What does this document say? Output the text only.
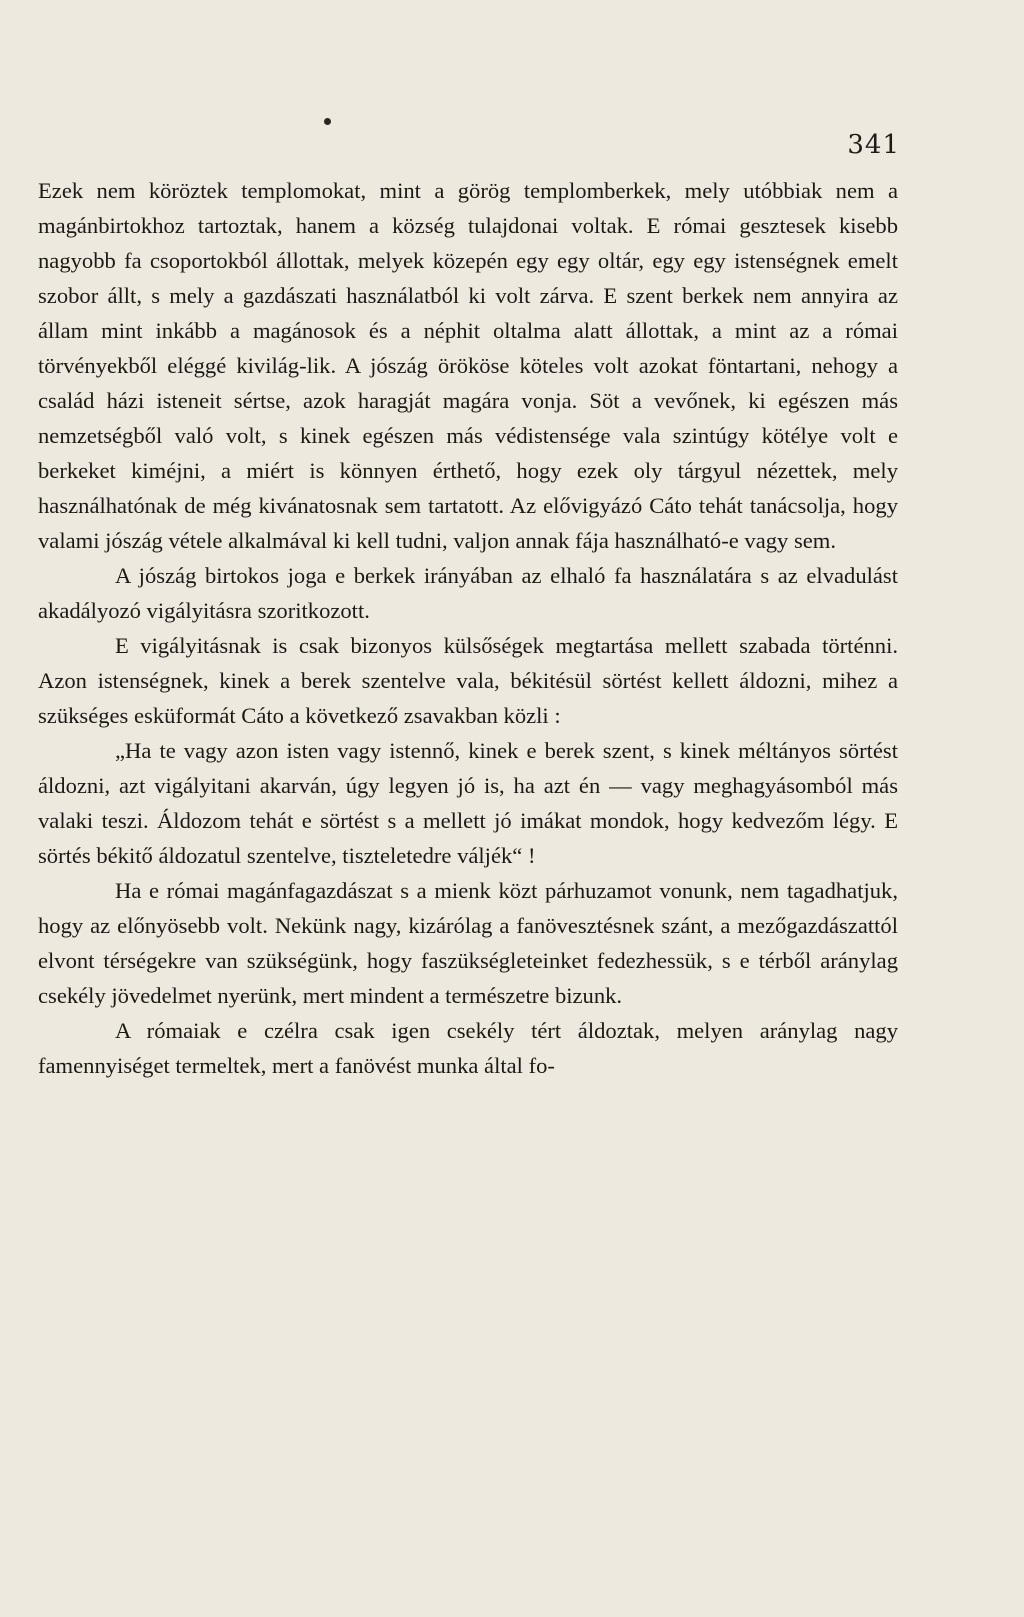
341

Ezek nem köröztek templomokat, mint a görög templomberkek, mely utóbbiak nem a magánbirtokhoz tartoztak, hanem a község tulajdonai voltak. E római gesztesek kisebb nagyobb fa csoportokból állottak, melyek közepén egy egy oltár, egy egy istenségnek emelt szobor állt, s mely a gazdászati használatból ki volt zárva. E szent berkek nem annyira az állam mint inkább a magánosok és a néphit oltalma alatt állottak, a mint az a római törvényekből eléggé kivilág-lik. A jószág örököse köteles volt azokat föntartani, nehogy a család házi isteneit sértse, azok haragját magára vonja. Söt a vevőnek, ki egészen más nemzetségből való volt, s kinek egészen más védistensége vala szintúgy kötélye volt e berkeket kiméjni, a miért is könnyen érthető, hogy ezek oly tárgyul nézettek, mely használhatónak de még kivánatosnak sem tartatott. Az elővigyázó Cáto tehát tanácsolja, hogy valami jószág vétele alkalmával ki kell tudni, valjon annak fája használható-e vagy sem.

A jószág birtokos joga e berkek irányában az elhaló fa használatára s az elvadulást akadályozó vigályitásra szoritkozott.

E vigályitásnak is csak bizonyos külsőségek megtartása mellett szabada történni. Azon istenségnek, kinek a berek szentelve vala, békitésül sörtést kellett áldozni, mihez a szükséges esküformát Cáto a következő zsavakban közli :

„Ha te vagy azon isten vagy istennő, kinek e berek szent, s kinek méltányos sörtést áldozni, azt vigályitani akarván, úgy legyen jó is, ha azt én — vagy meghagyásomból más valaki teszi. Áldozom tehát e sörtést s a mellett jó imákat mondok, hogy kedvezőm légy. E sörtés békitő áldozatul szentelve, tiszteletedre váljék“ !

Ha e római magánfagazdászat s a mienk közt párhuzamot vonunk, nem tagadhatjuk, hogy az előnyösebb volt. Nekünk nagy, kizárólag a fanövesztésnek szánt, a mezőgazdászattól elvont térségekre van szükségünk, hogy faszükségleteinket fedezhessük, s e térből aránylag csekély jövedelmet nyerünk, mert mindent a természetre bizunk.

A rómaiak e czélra csak igen csekély tért áldoztak, melyen aránylag nagy famennyiséget termeltek, mert a fanövést munka által fo-
